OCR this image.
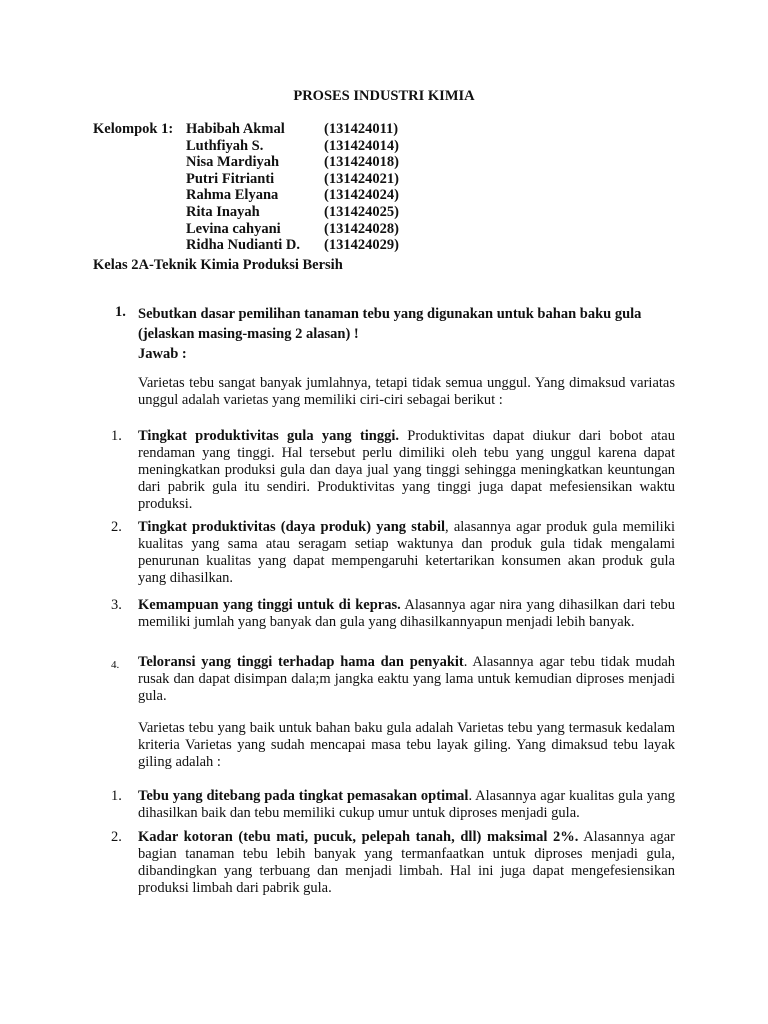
PROSES INDUSTRI KIMIA
Kelompok 1: Habibah Akmal	(131424011)
Luthfiyah S.	(131424014)
Nisa Mardiyah	(131424018)
Putri Fitrianti	(131424021)
Rahma Elyana	(131424024)
Rita Inayah	(131424025)
Levina cahyani	(131424028)
Ridha Nudianti D. (131424029)
Kelas 2A-Teknik Kimia Produksi Bersih
1. Sebutkan dasar pemilihan tanaman tebu yang digunakan untuk bahan baku gula (jelaskan masing-masing 2 alasan) !
Jawab :
Varietas tebu sangat banyak jumlahnya, tetapi tidak semua unggul. Yang dimaksud variatas unggul adalah varietas yang memiliki ciri-ciri sebagai berikut :
1. Tingkat produktivitas gula yang tinggi. Produktivitas dapat diukur dari bobot atau rendaman yang tinggi. Hal tersebut perlu dimiliki oleh tebu yang unggul karena dapat meningkatkan produksi gula dan daya jual yang tinggi sehingga meningkatkan keuntungan dari pabrik gula itu sendiri. Produktivitas yang tinggi juga dapat mefesiensikan waktu produksi.
2. Tingkat produktivitas (daya produk) yang stabil, alasannya agar produk gula memiliki kualitas yang sama atau seragam setiap waktunya dan produk gula tidak mengalami penurunan kualitas yang dapat mempengaruhi ketertarikan konsumen akan produk gula yang dihasilkan.
3. Kemampuan yang tinggi untuk di kepras. Alasannya agar nira yang dihasilkan dari tebu memiliki jumlah yang banyak dan gula yang dihasilkannyapun menjadi lebih banyak.
4. Teloransi yang tinggi terhadap hama dan penyakit. Alasannya agar tebu tidak mudah rusak dan dapat disimpan dala;m jangka eaktu yang lama untuk kemudian diproses menjadi gula.
Varietas tebu yang baik untuk bahan baku gula adalah Varietas tebu yang termasuk kedalam kriteria Varietas yang sudah mencapai masa tebu layak giling. Yang dimaksud tebu layak giling adalah :
1. Tebu yang ditebang pada tingkat pemasakan optimal. Alasannya agar kualitas gula yang dihasilkan baik dan tebu memiliki cukup umur untuk diproses menjadi gula.
2. Kadar kotoran (tebu mati, pucuk, pelepah tanah, dll) maksimal 2%. Alasannya agar bagian tanaman tebu lebih banyak yang termanfaatkan untuk diproses menjadi gula, dibandingkan yang terbuang dan menjadi limbah. Hal ini juga dapat mengefesiensikan produksi limbah dari pabrik gula.
